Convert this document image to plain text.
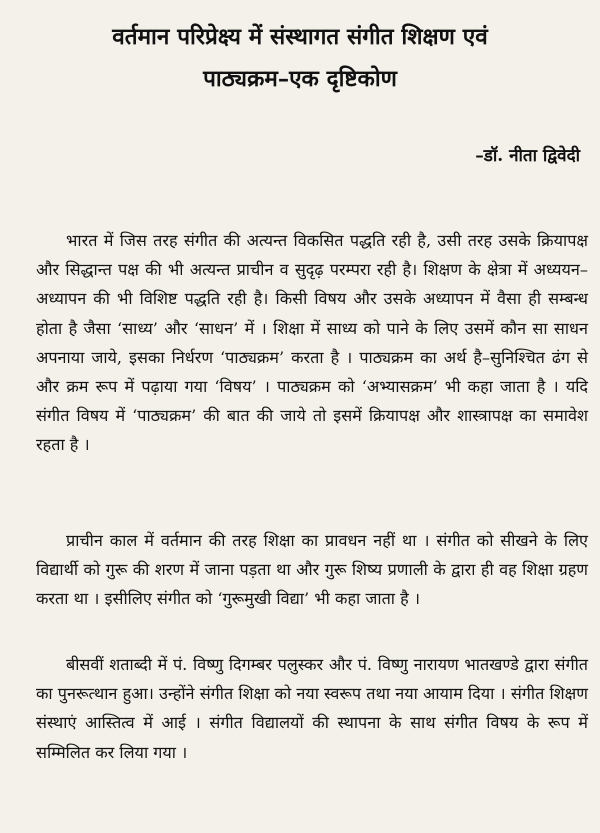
वर्तमान परिप्रेक्ष्य में संस्थागत संगीत शिक्षण एवं
पाठ्यक्रम–एक दृष्टिकोण
–डॉ. नीता द्विवेदी

भारत में जिस तरह संगीत की अत्यन्त विकसित पद्धति रही है, उसी तरह उसके क्रियापक्ष और सिद्धान्त पक्ष की भी अत्यन्त प्राचीन व सुदृढ़ परम्परा रही है। शिक्षण के क्षेत्रा में अध्ययन–अध्यापन की भी विशिष्ट पद्धति रही है। किसी विषय और उसके अध्यापन में वैसा ही सम्बन्ध होता है जैसा ‘साध्य’ और ‘साधन’ में । शिक्षा में साध्य को पाने के लिए उसमें कौन सा साधन अपनाया जाये, इसका निर्धरण ‘पाठ्यक्रम’ करता है । पाठ्यक्रम का अर्थ है–सुनिश्चित ढंग से और क्रम रूप में पढ़ाया गया ‘विषय’ । पाठ्यक्रम को ‘अभ्यासक्रम’ भी कहा जाता है । यदि संगीत विषय में ‘पाठ्यक्रम’ की बात की जाये तो इसमें क्रियापक्ष और शास्त्रापक्ष का समावेश रहता है ।

प्राचीन काल में वर्तमान की तरह शिक्षा का प्रावधन नहीं था । संगीत को सीखने के लिए विद्यार्थी को गुरू की शरण में जाना पड़ता था और गुरू शिष्य प्रणाली के द्वारा ही वह शिक्षा ग्रहण करता था । इसीलिए संगीत को ‘गुरूमुखी विद्या’ भी कहा जाता है ।

बीसवीं शताब्दी में पं. विष्णु दिगम्बर पलुस्कर और पं. विष्णु नारायण भातखण्डे द्वारा संगीत का पुनरूत्थान हुआ। उन्होंने संगीत शिक्षा को नया स्वरूप तथा नया आयाम दिया । संगीत शिक्षण संस्थाएं आस्तित्व में आई । संगीत विद्यालयों की स्थापना के साथ संगीत विषय के रूप में सम्मिलित कर लिया गया ।
